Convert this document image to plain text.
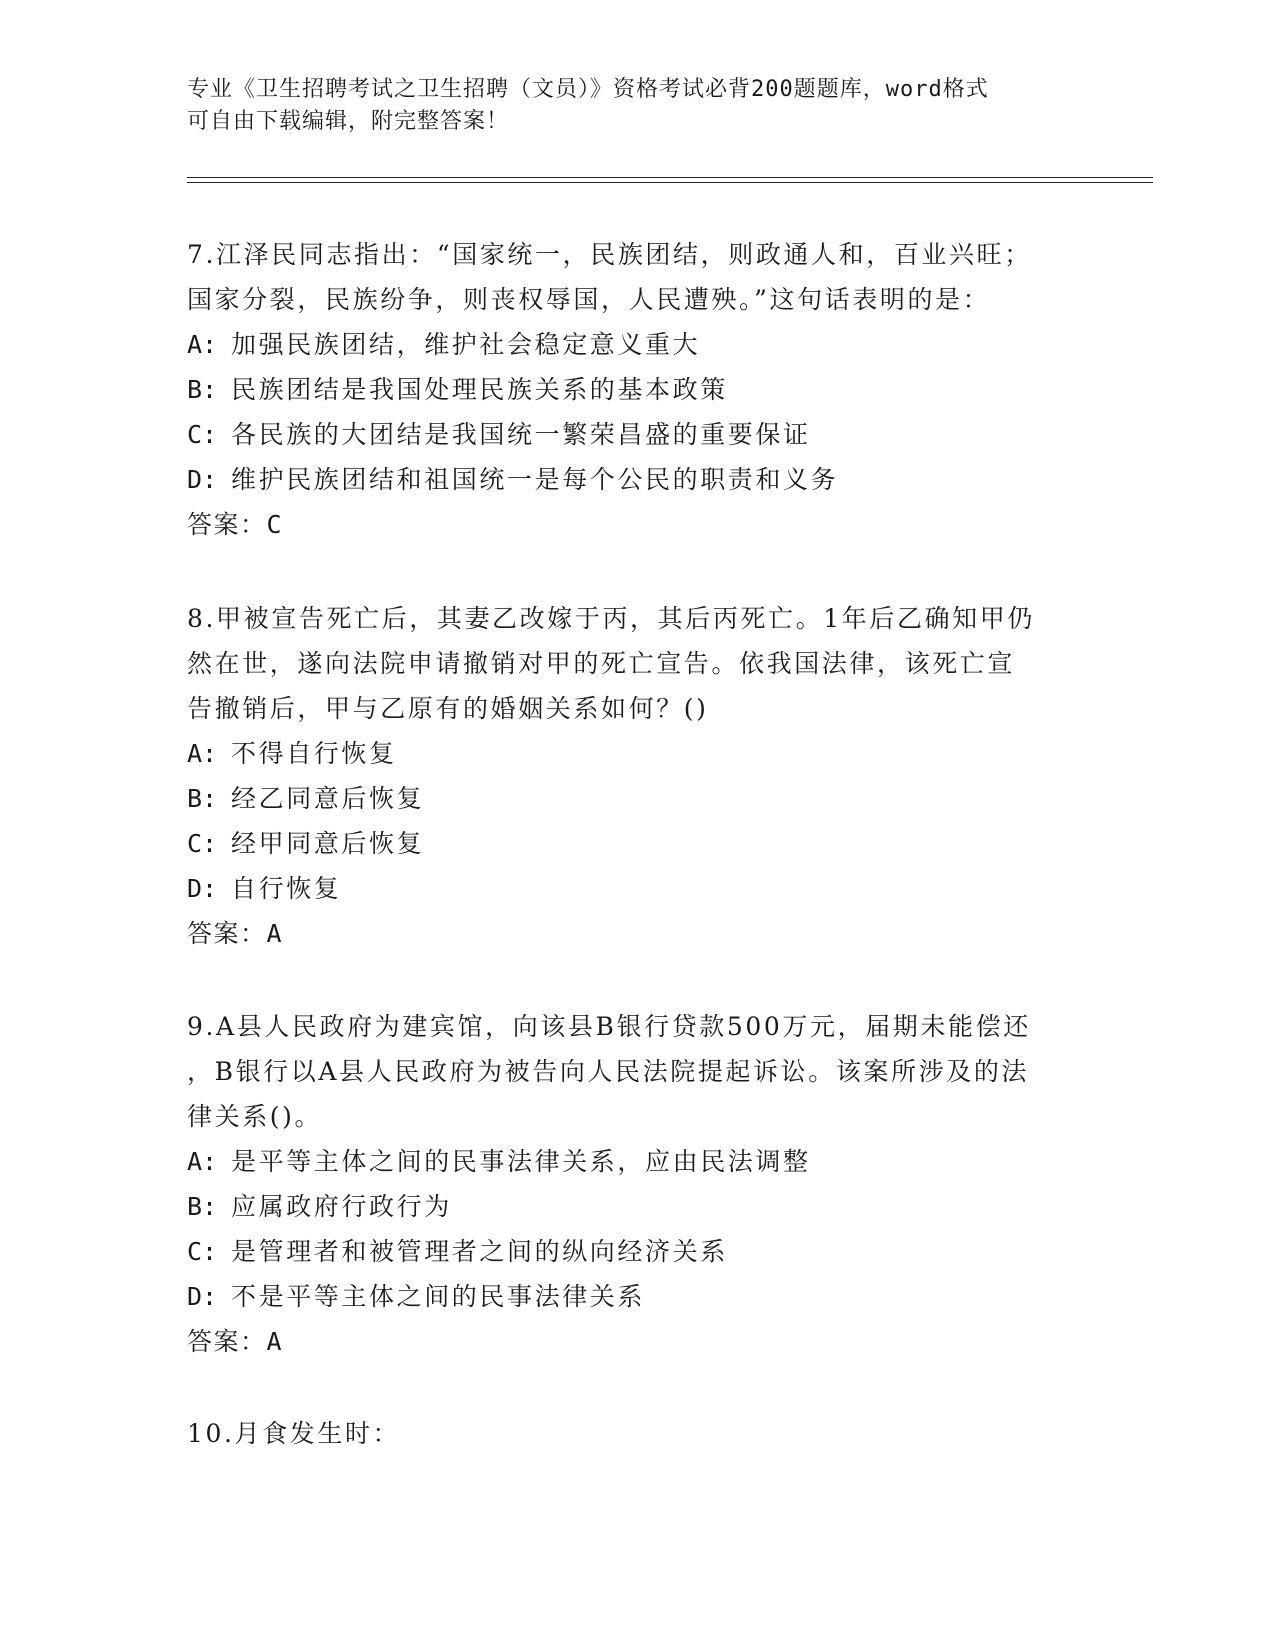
专业《卫生招聘考试之卫生招聘（文员）》资格考试必背200题题库，word格式
可自由下载编辑，附完整答案！
7.江泽民同志指出：“国家统一，民族团结，则政通人和，百业兴旺；
国家分裂，民族纷争，则丧权辱国，人民遭殃。”这句话表明的是：
A: 加强民族团结，维护社会稳定意义重大
B: 民族团结是我国处理民族关系的基本政策
C: 各民族的大团结是我国统一繁荣昌盛的重要保证
D: 维护民族团结和祖国统一是每个公民的职责和义务
答案：C
8.甲被宣告死亡后，其妻乙改嫁于丙，其后丙死亡。1年后乙确知甲仍
然在世，遂向法院申请撤销对甲的死亡宣告。依我国法律，该死亡宣
告撤销后，甲与乙原有的婚姻关系如何？()
A: 不得自行恢复
B: 经乙同意后恢复
C: 经甲同意后恢复
D: 自行恢复
答案：A
9.A县人民政府为建宾馆，向该县B银行贷款500万元，届期未能偿还
，B银行以A县人民政府为被告向人民法院提起诉讼。该案所涉及的法
律关系()。
A: 是平等主体之间的民事法律关系，应由民法调整
B: 应属政府行政行为
C: 是管理者和被管理者之间的纵向经济关系
D: 不是平等主体之间的民事法律关系
答案：A
10.月食发生时：
